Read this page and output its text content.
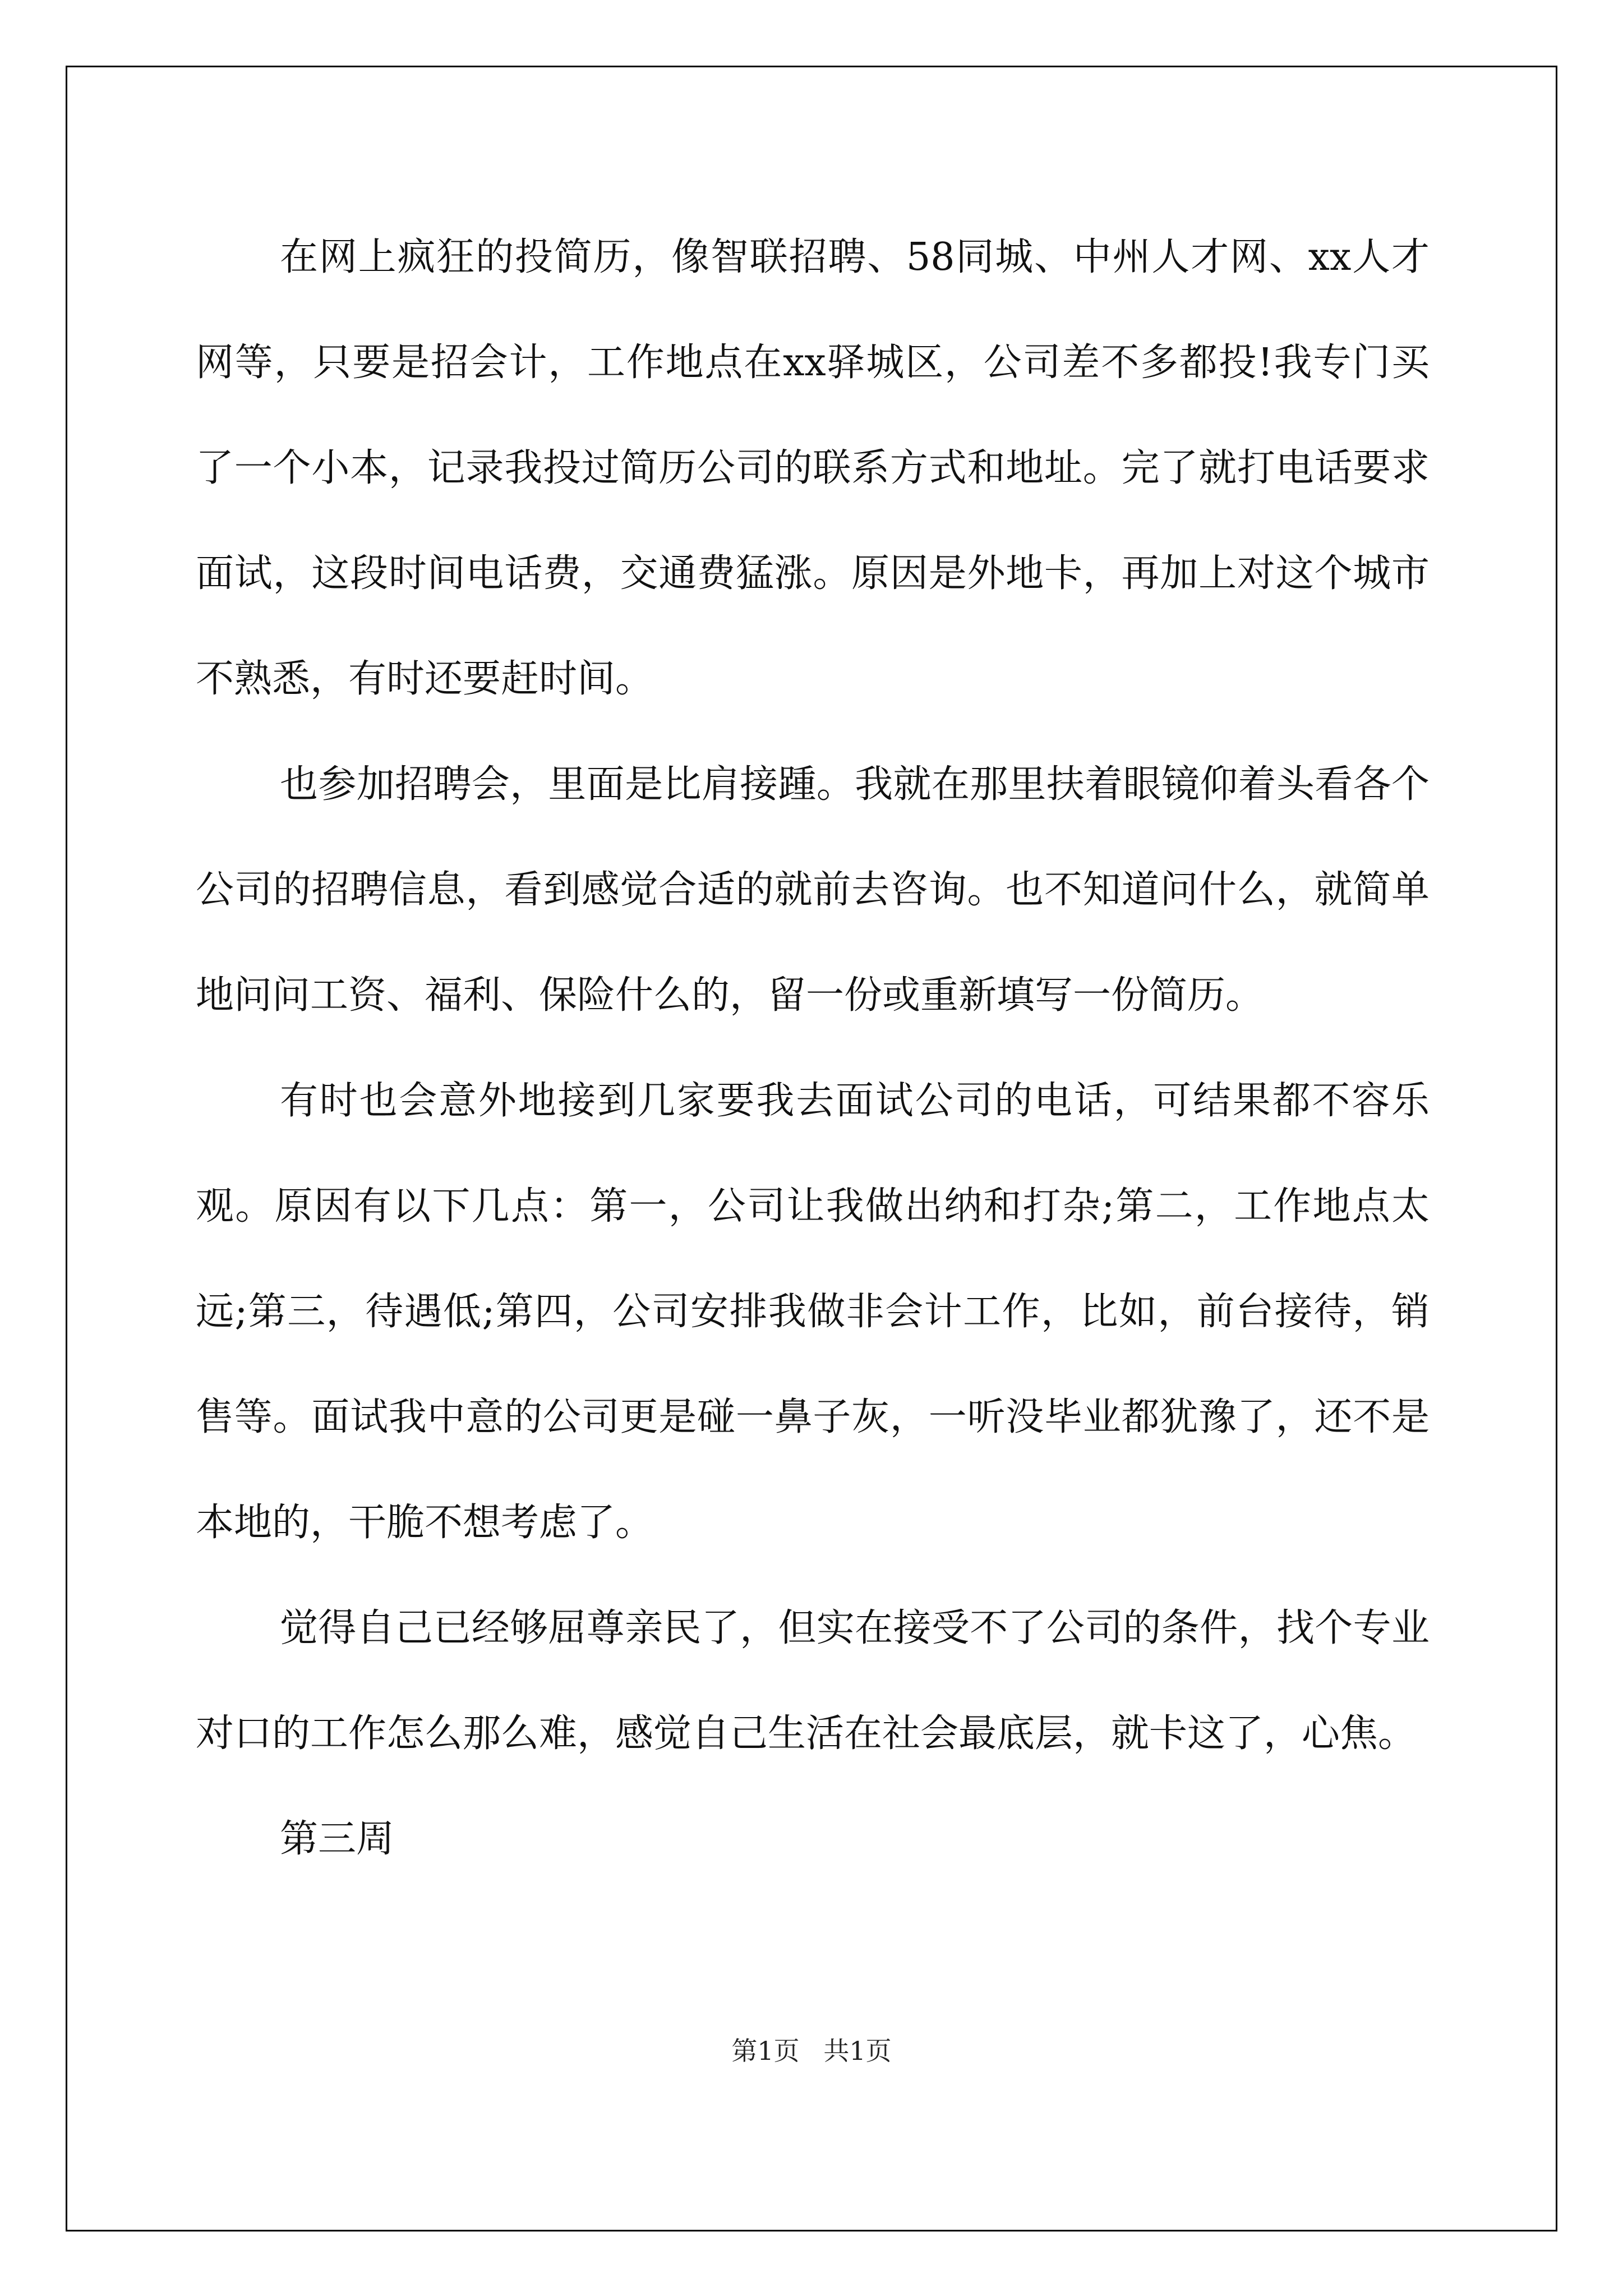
在网上疯狂的投简历，像智联招聘、58同城、中州人才网、xx人才网等，只要是招会计，工作地点在xx驿城区，公司差不多都投!我专门买了一个小本，记录我投过简历公司的联系方式和地址。完了就打电话要求面试，这段时间电话费，交通费猛涨。原因是外地卡，再加上对这个城市不熟悉，有时还要赶时间。

也参加招聘会，里面是比肩接踵。我就在那里扶着眼镜仰着头看各个公司的招聘信息，看到感觉合适的就前去咨询。也不知道问什么，就简单地问问工资、福利、保险什么的，留一份或重新填写一份简历。

有时也会意外地接到几家要我去面试公司的电话，可结果都不容乐观。原因有以下几点：第一，公司让我做出纳和打杂;第二，工作地点太远;第三，待遇低;第四，公司安排我做非会计工作，比如，前台接待，销售等。面试我中意的公司更是碰一鼻子灰，一听没毕业都犹豫了，还不是本地的，干脆不想考虑了。

觉得自己已经够屈尊亲民了，但实在接受不了公司的条件，找个专业对口的工作怎么那么难，感觉自己生活在社会最底层，就卡这了，心焦。

第三周

第1页 共1页
